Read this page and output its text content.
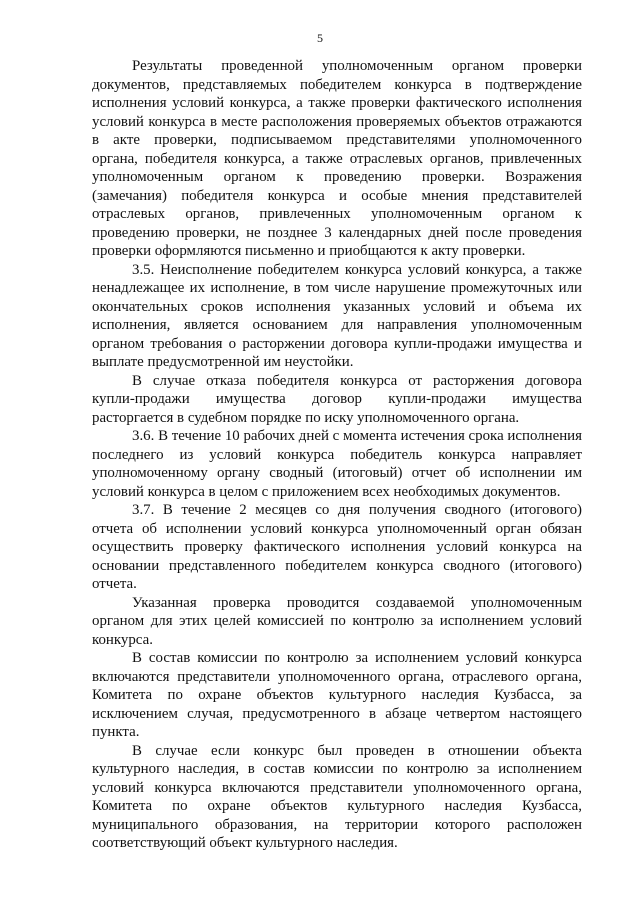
5
Результаты проведенной уполномоченным органом проверки
документов, представляемых победителем конкурса в подтверждение
исполнения условий конкурса, а также проверки фактического исполнения
условий конкурса в месте расположения проверяемых объектов отражаются
в акте проверки, подписываемом представителями уполномоченного
органа, победителя конкурса, а также отраслевых органов, привлеченных
уполномоченным органом к проведению проверки. Возражения
(замечания) победителя конкурса и особые мнения представителей
отраслевых органов, привлеченных уполномоченным органом к
проведению проверки, не позднее 3 календарных дней после проведения
проверки оформляются письменно и приобщаются к акту проверки.
3.5. Неисполнение победителем конкурса условий конкурса, а также
ненадлежащее их исполнение, в том числе нарушение промежуточных или
окончательных сроков исполнения указанных условий и объема их
исполнения, является основанием для направления уполномоченным
органом требования о расторжении договора купли-продажи имущества и
выплате предусмотренной им неустойки.
В случае отказа победителя конкурса от расторжения договора
купли-продажи имущества договор купли-продажи имущества
расторгается в судебном порядке по иску уполномоченного органа.
3.6. В течение 10 рабочих дней с момента истечения срока исполнения
последнего из условий конкурса победитель конкурса направляет
уполномоченному органу сводный (итоговый) отчет об исполнении им
условий конкурса в целом с приложением всех необходимых документов.
3.7. В течение 2 месяцев со дня получения сводного (итогового)
отчета об исполнении условий конкурса уполномоченный орган обязан
осуществить проверку фактического исполнения условий конкурса на
основании представленного победителем конкурса сводного (итогового)
отчета.
Указанная проверка проводится создаваемой уполномоченным
органом для этих целей комиссией по контролю за исполнением условий
конкурса.
В состав комиссии по контролю за исполнением условий конкурса
включаются представители уполномоченного органа, отраслевого органа,
Комитета по охране объектов культурного наследия Кузбасса, за
исключением случая, предусмотренного в абзаце четвертом настоящего
пункта.
В случае если конкурс был проведен в отношении объекта
культурного наследия, в состав комиссии по контролю за исполнением
условий конкурса включаются представители уполномоченного органа,
Комитета по охране объектов культурного наследия Кузбасса,
муниципального образования, на территории которого расположен
соответствующий объект культурного наследия.
